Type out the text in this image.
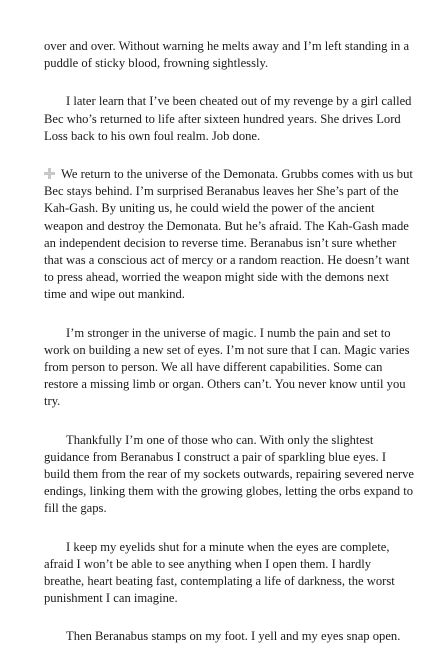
over and over. Without warning he melts away and I’m left standing in a puddle of sticky blood, frowning sightlessly.

I later learn that I’ve been cheated out of my revenge by a girl called Bec who’s returned to life after sixteen hundred years. She drives Lord Loss back to his own foul realm. Job done.

We return to the universe of the Demonata. Grubbs comes with us but Bec stays behind. I’m surprised Beranabus leaves her She’s part of the Kah-Gash. By uniting us, he could wield the power of the ancient weapon and destroy the Demonata. But he’s afraid. The Kah-Gash made an independent decision to reverse time. Beranabus isn’t sure whether that was a conscious act of mercy or a random reaction. He doesn’t want to press ahead, worried the weapon might side with the demons next time and wipe out mankind.

I’m stronger in the universe of magic. I numb the pain and set to work on building a new set of eyes. I’m not sure that I can. Magic varies from person to person. We all have different capabilities. Some can restore a missing limb or organ. Others can’t. You never know until you try.

Thankfully I’m one of those who can. With only the slightest guidance from Beranabus I construct a pair of sparkling blue eyes. I build them from the rear of my sockets outwards, repairing severed nerve endings, linking them with the growing globes, letting the orbs expand to fill the gaps.

I keep my eyelids shut for a minute when the eyes are complete, afraid I won’t be able to see anything when I open them. I hardly breathe, heart beating fast, contemplating a life of darkness, the worst punishment I can imagine.

Then Beranabus stamps on my foot. I yell and my eyes snap open.
